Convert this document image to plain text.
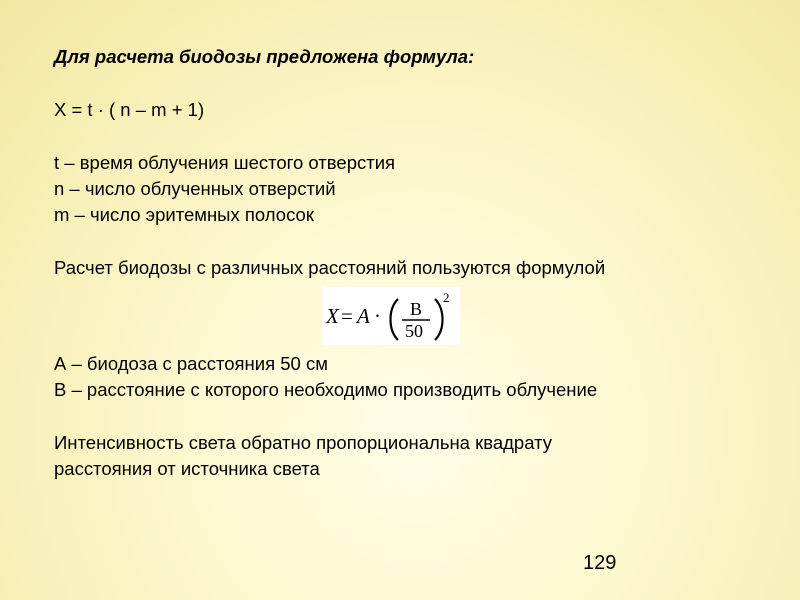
Для расчета биодозы предложена формула:
X = t · ( n – m + 1)
t – время облучения шестого отверстия
n – число облученных отверстий
m – число эритемных полосок
Расчет биодозы с различных расстояний пользуются формулой
X = A · B
50
2
А – биодоза с расстояния 50 см
В – расстояние с которого необходимо производить облучение
Интенсивность света обратно пропорциональна квадрату
расстояния от источника света
129
